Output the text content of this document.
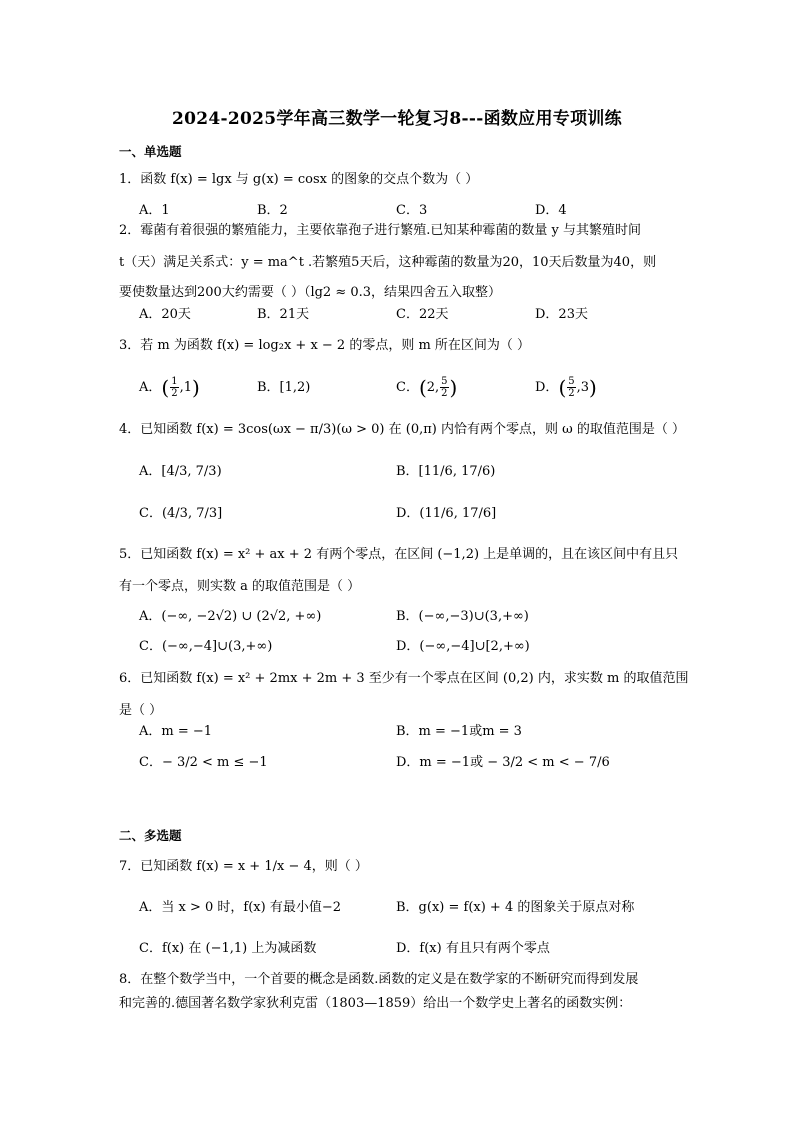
2024-2025学年高三数学一轮复习8---函数应用专项训练
一、单选题
1．函数 f(x) = lgx 与 g(x) = cosx 的图象的交点个数为（ ）
A．1	B．2	C．3	D．4
2．霉菌有着很强的繁殖能力，主要依靠孢子进行繁殖.已知某种霉菌的数量 y 与其繁殖时间
t（天）满足关系式：y = ma^t .若繁殖5天后，这种霉菌的数量为20，10天后数量为40，则
要使数量达到200大约需要（ ）（lg2 ≈ 0.3，结果四舍五入取整）
A．20天	B．21天	C．22天	D．23天
3．若 m 为函数 f(x) = log₂x + x − 2 的零点，则 m 所在区间为（ ）
A．( $\frac{1}{2} ,1$)	B．[1,2)	C．(2, $\frac{5}{2}$ )	D．( $\frac{5}{2} ,3$)
4．已知函数 f(x) = 3cos(ωx − π/3)(ω > 0) 在 (0,π) 内恰有两个零点，则 ω 的取值范围是（ ）
A．[4/3, 7/3)	B．[11/6, 17/6)
C．(4/3, 7/3]	D．(11/6, 17/6]
5．已知函数 f(x) = x² + ax + 2 有两个零点，在区间 (−1,2) 上是单调的，且在该区间中有且只
有一个零点，则实数 a 的取值范围是（ ）
A．(−∞, −2√2) ∪ (2√2, +∞)	B．(−∞,−3)∪(3,+∞)
C．(−∞,−4]∪(3,+∞)	D．(−∞,−4]∪[2,+∞)
6．已知函数 f(x) = x² + 2mx + 2m + 3 至少有一个零点在区间 (0,2) 内，求实数 m 的取值范围
是（ ）
A．m = −1	B．m = −1或m = 3
C．− 3/2 < m ≤ −1	D．m = −1或 − 3/2 < m < − 7/6
二、多选题
7．已知函数 f(x) = x + 1/x − 4，则（ ）
A．当 x > 0 时，f(x) 有最小值−2	B．g(x) = f(x) + 4 的图象关于原点对称
C．f(x) 在 (−1,1) 上为减函数	D．f(x) 有且只有两个零点
8．在整个数学当中，一个首要的概念是函数.函数的定义是在数学家的不断研究而得到发展
和完善的.德国著名数学家狄利克雷（1803—1859）给出一个数学史上著名的函数实例：
